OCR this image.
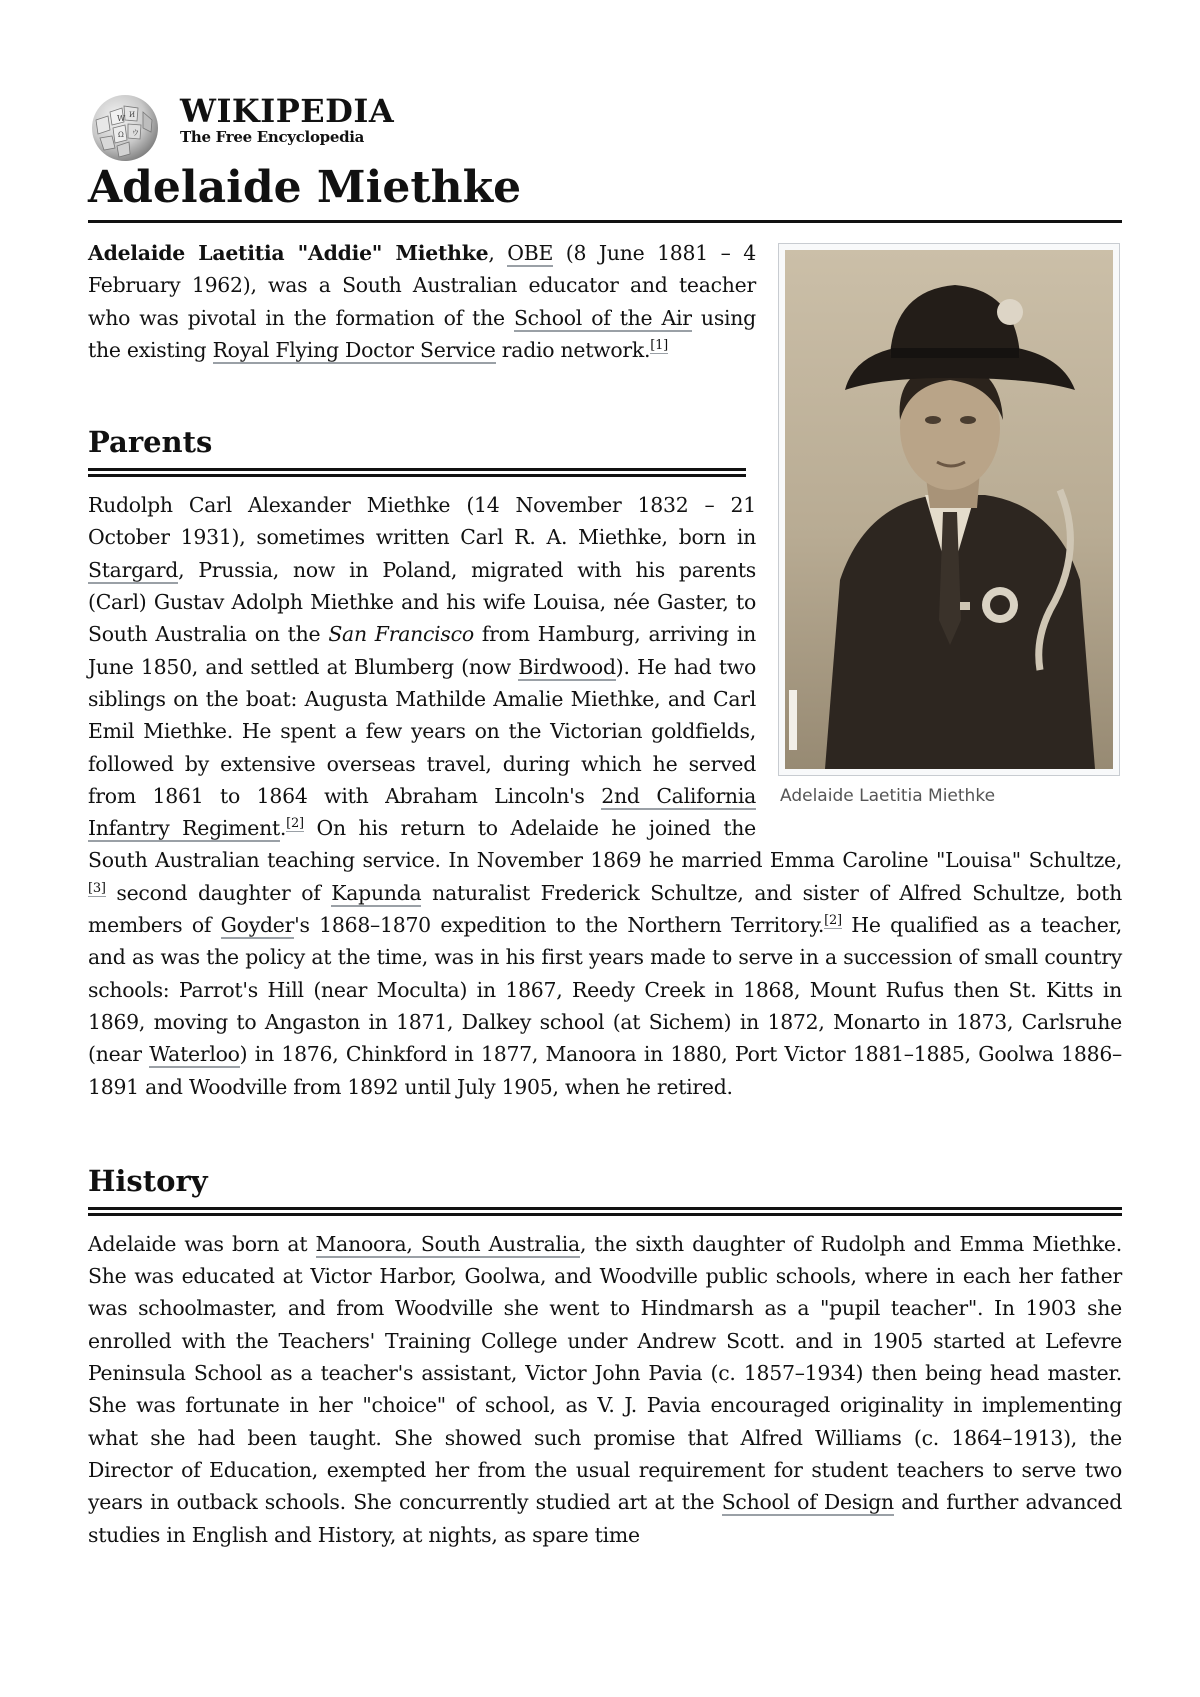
W И
Ω ウ
WIKIPEDIA
The Free Encyclopedia
Adelaide Miethke
Adelaide Laetitia Miethke

Adelaide Laetitia "Addie" Miethke, OBE (8 June 1881 – 4 February 1962), was a South Australian educator and teacher who was pivotal in the formation of the School of the Air using the existing Royal Flying Doctor Service radio network.[1]

Parents

Rudolph Carl Alexander Miethke (14 November 1832 – 21 October 1931), sometimes written Carl R. A. Miethke, born in Stargard, Prussia, now in Poland, migrated with his parents (Carl) Gustav Adolph Miethke and his wife Louisa, née Gaster, to South Australia on the San Francisco from Hamburg, arriving in June 1850, and settled at Blumberg (now Birdwood). He had two siblings on the boat: Augusta Mathilde Amalie Miethke, and Carl Emil Miethke. He spent a few years on the Victorian goldfields, followed by extensive overseas travel, during which he served from 1861 to 1864 with Abraham Lincoln's 2nd California Infantry Regiment.[2] On his return to Adelaide he joined the South Australian teaching service. In November 1869 he married Emma Caroline "Louisa" Schultze,[3] second daughter of Kapunda naturalist Frederick Schultze, and sister of Alfred Schultze, both members of Goyder's 1868–1870 expedition to the Northern Territory.[2] He qualified as a teacher, and as was the policy at the time, was in his first years made to serve in a succession of small country schools: Parrot's Hill (near Moculta) in 1867, Reedy Creek in 1868, Mount Rufus then St. Kitts in 1869, moving to Angaston in 1871, Dalkey school (at Sichem) in 1872, Monarto in 1873, Carlsruhe (near Waterloo) in 1876, Chinkford in 1877, Manoora in 1880, Port Victor 1881–1885, Goolwa 1886–1891 and Woodville from 1892 until July 1905, when he retired.

History

Adelaide was born at Manoora, South Australia, the sixth daughter of Rudolph and Emma Miethke. She was educated at Victor Harbor, Goolwa, and Woodville public schools, where in each her father was schoolmaster, and from Woodville she went to Hindmarsh as a "pupil teacher". In 1903 she enrolled with the Teachers' Training College under Andrew Scott. and in 1905 started at Lefevre Peninsula School as a teacher's assistant, Victor John Pavia (c. 1857–1934) then being head master. She was fortunate in her "choice" of school, as V. J. Pavia encouraged originality in implementing what she had been taught. She showed such promise that Alfred Williams (c. 1864–1913), the Director of Education, exempted her from the usual requirement for student teachers to serve two years in outback schools. She concurrently studied art at the School of Design and further advanced studies in English and History, at nights, as spare time
